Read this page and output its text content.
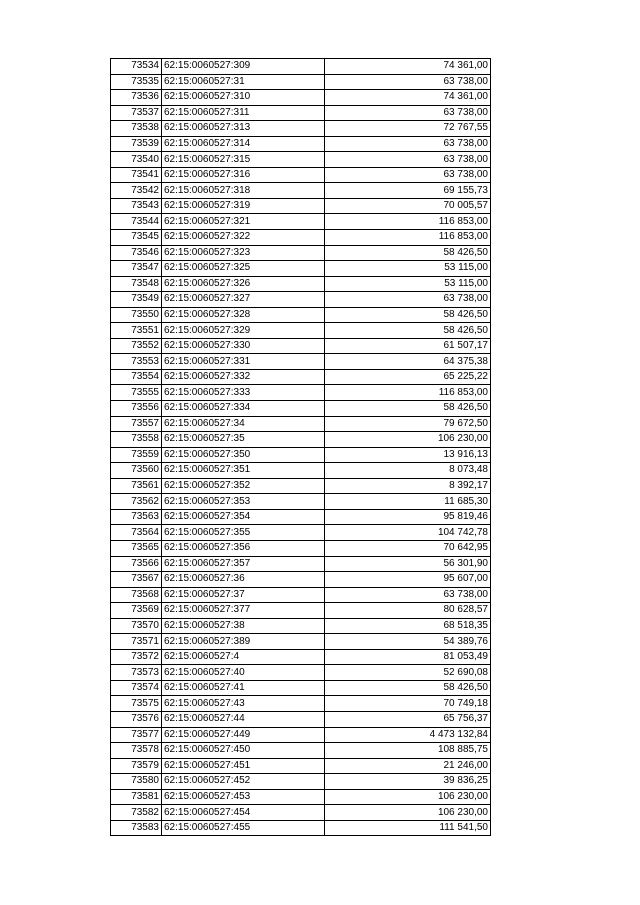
73534	62:15:0060527:309	74 361,00
73535	62:15:0060527:31	63 738,00
73536	62:15:0060527:310	74 361,00
73537	62:15:0060527:311	63 738,00
73538	62:15:0060527:313	72 767,55
73539	62:15:0060527:314	63 738,00
73540	62:15:0060527:315	63 738,00
73541	62:15:0060527:316	63 738,00
73542	62:15:0060527:318	69 155,73
73543	62:15:0060527:319	70 005,57
73544	62:15:0060527:321	116 853,00
73545	62:15:0060527:322	116 853,00
73546	62:15:0060527:323	58 426,50
73547	62:15:0060527:325	53 115,00
73548	62:15:0060527:326	53 115,00
73549	62:15:0060527:327	63 738,00
73550	62:15:0060527:328	58 426,50
73551	62:15:0060527:329	58 426,50
73552	62:15:0060527:330	61 507,17
73553	62:15:0060527:331	64 375,38
73554	62:15:0060527:332	65 225,22
73555	62:15:0060527:333	116 853,00
73556	62:15:0060527:334	58 426,50
73557	62:15:0060527:34	79 672,50
73558	62:15:0060527:35	106 230,00
73559	62:15:0060527:350	13 916,13
73560	62:15:0060527:351	8 073,48
73561	62:15:0060527:352	8 392,17
73562	62:15:0060527:353	11 685,30
73563	62:15:0060527:354	95 819,46
73564	62:15:0060527:355	104 742,78
73565	62:15:0060527:356	70 642,95
73566	62:15:0060527:357	56 301,90
73567	62:15:0060527:36	95 607,00
73568	62:15:0060527:37	63 738,00
73569	62:15:0060527:377	80 628,57
73570	62:15:0060527:38	68 518,35
73571	62:15:0060527:389	54 389,76
73572	62:15:0060527:4	81 053,49
73573	62:15:0060527:40	52 690,08
73574	62:15:0060527:41	58 426,50
73575	62:15:0060527:43	70 749,18
73576	62:15:0060527:44	65 756,37
73577	62:15:0060527:449	4 473 132,84
73578	62:15:0060527:450	108 885,75
73579	62:15:0060527:451	21 246,00
73580	62:15:0060527:452	39 836,25
73581	62:15:0060527:453	106 230,00
73582	62:15:0060527:454	106 230,00
73583	62:15:0060527:455	111 541,50
